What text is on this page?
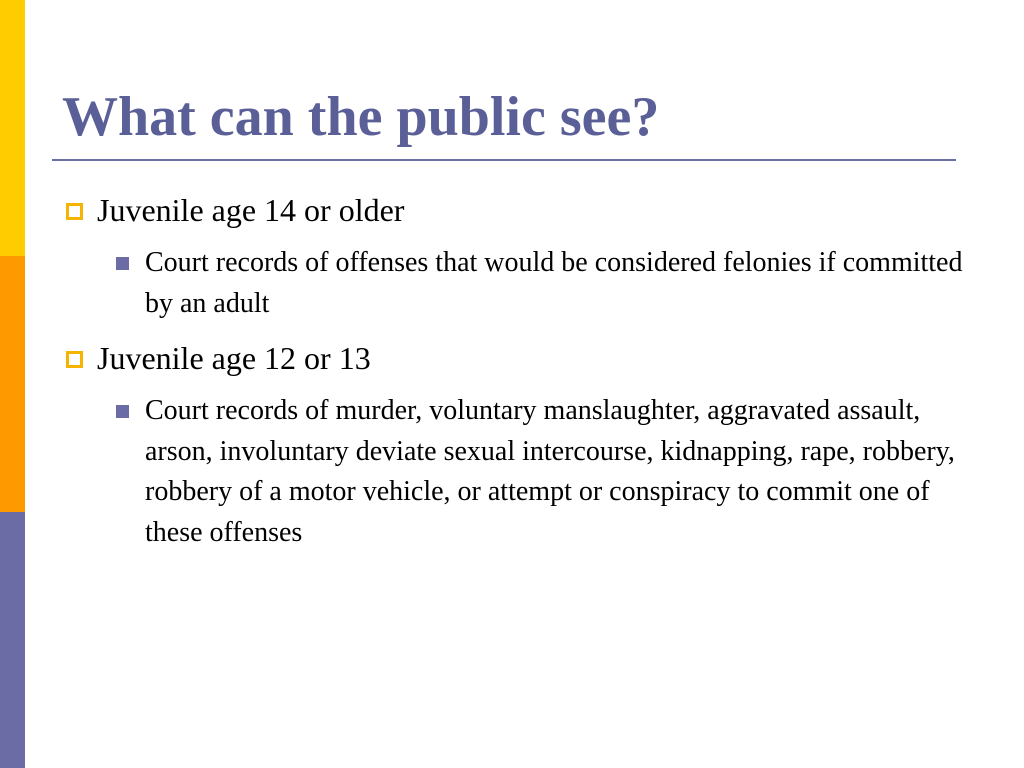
What can the public see?
Juvenile age 14 or older
Court records of offenses that would be considered felonies if committed by an adult
Juvenile age 12 or 13
Court records of murder, voluntary manslaughter, aggravated assault, arson, involuntary deviate sexual intercourse, kidnapping, rape, robbery, robbery of a motor vehicle, or attempt or conspiracy to commit one of these offenses
